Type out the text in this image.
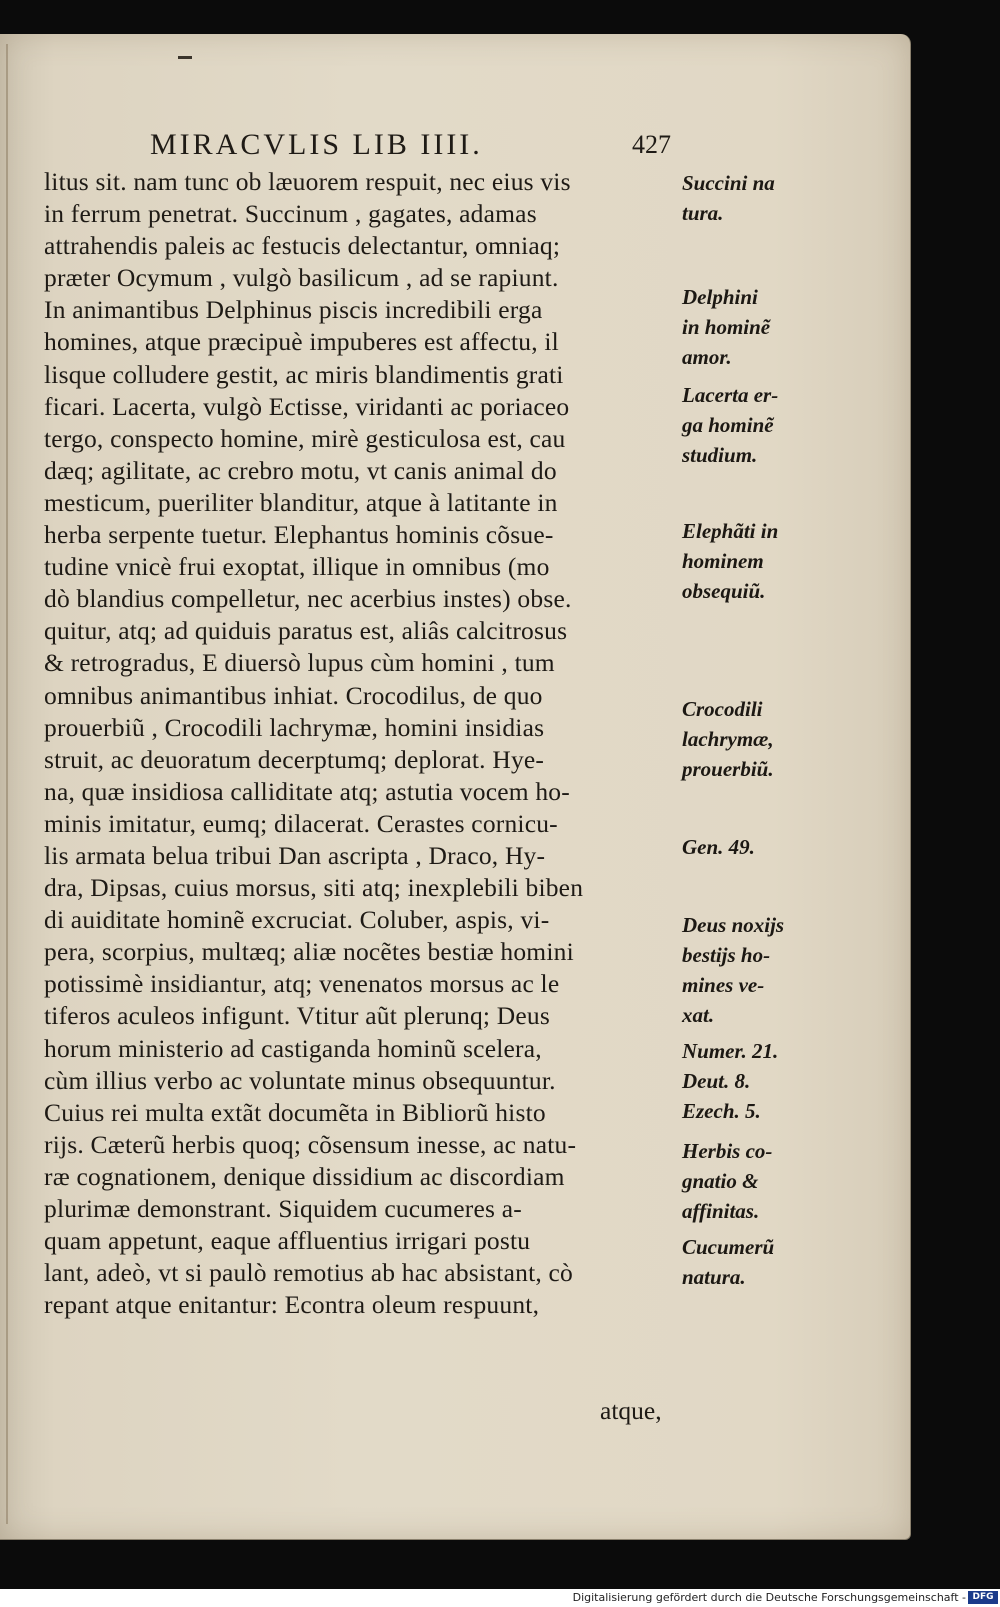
MIRACVLIS LIB IIII.	427
litus sit. nam tunc ob læuorem respuit, nec eius vis
in ferrum penetrat. Succinum , gagates, adamas
attrahendis paleis ac festucis delectantur, omniaq;
præter Ocymum , vulgò basilicum , ad se rapiunt.
In animantibus Delphinus piscis incredibili erga
homines, atque præcipuè impuberes est affectu, il
lisque colludere gestit, ac miris blandimentis grati
ficari. Lacerta, vulgò Ectisse, viridanti ac poriaceo
tergo, conspecto homine, mirè gesticulosa est, cau
dæq; agilitate, ac crebro motu, vt canis animal do
mesticum, pueriliter blanditur, atque à latitante in
herba serpente tuetur. Elephantus hominis cõsue-
tudine vnicè frui exoptat, illique in omnibus (mo
dò blandius compelletur, nec acerbius instes) obse.
quitur, atq; ad quiduis paratus est, aliâs calcitrosus
& retrogradus, E diuersò lupus cùm homini , tum
omnibus animantibus inhiat. Crocodilus, de quo
prouerbiũ , Crocodili lachrymæ, homini insidias
struit, ac deuoratum decerptumq; deplorat. Hye-
na, quæ insidiosa calliditate atq; astutia vocem ho-
minis imitatur, eumq; dilacerat. Cerastes cornicu-
lis armata belua tribui Dan ascripta , Draco, Hy-
dra, Dipsas, cuius morsus, siti atq; inexplebili biben
di auiditate hominẽ excruciat. Coluber, aspis, vi-
pera, scorpius, multæq; aliæ nocẽtes bestiæ homini
potissimè insidiantur, atq; venenatos morsus ac le
tiferos aculeos infigunt. Vtitur aũt plerunq; Deus
horum ministerio ad castiganda hominũ scelera,
cùm illius verbo ac voluntate minus obsequuntur.
Cuius rei multa extãt documẽta in Bibliorũ histo
rijs. Cæterũ herbis quoq; cõsensum inesse, ac natu-
ræ cognationem, denique dissidium ac discordiam
plurimæ demonstrant. Siquidem cucumeres a-
quam appetunt, eaque affluentius irrigari postu
lant, adeò, vt si paulò remotius ab hac absistant, cò
repant atque enitantur: Econtra oleum respuunt,
atque,
Succini na
tura.
Delphini
in hominẽ
amor.
Lacerta er-
ga hominẽ
studium.
Elephãti in
hominem
obsequiũ.
Crocodili
lachrymæ,
prouerbiũ.
Gen. 49.
Deus noxijs
bestijs ho-
mines ve-
xat.
Numer. 21.
Deut. 8.
Ezech. 5.
Herbis co-
gnatio &
affinitas.
Cucumerũ
natura.
Digitalisierung gefördert durch die Deutsche Forschungsgemeinschaft - DFG
